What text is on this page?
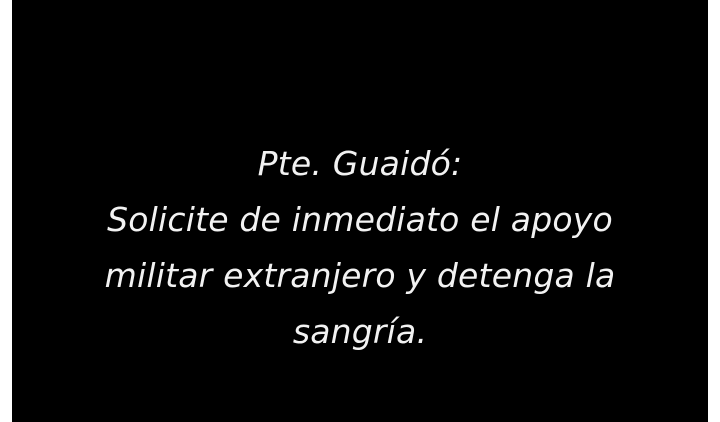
Pte. Guaidó:
Solicite de inmediato el apoyo
militar extranjero y detenga la
sangría.
